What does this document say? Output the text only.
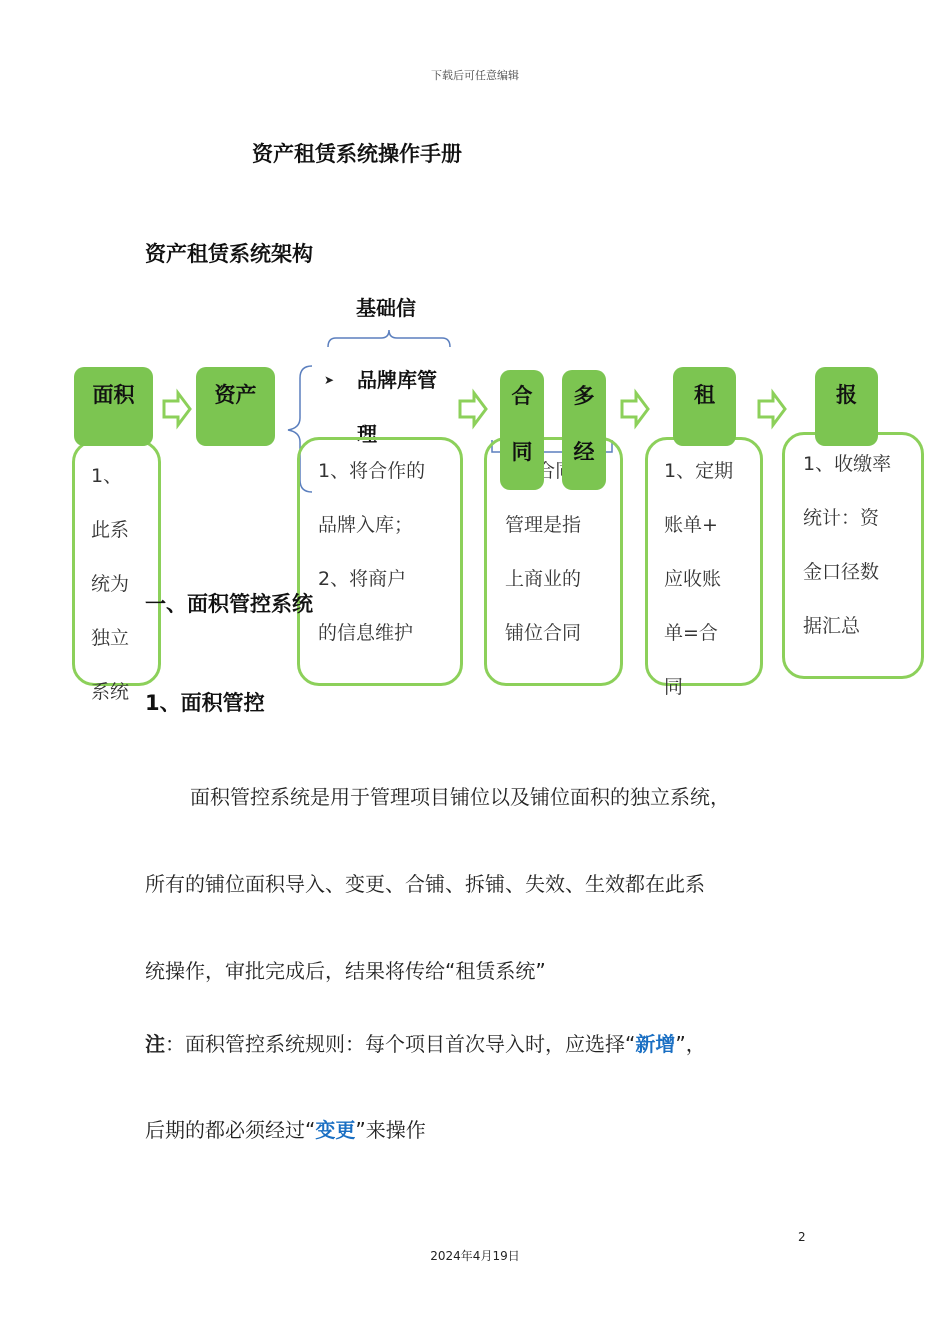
下载后可任意编辑
资产租赁系统操作手册
资产租赁系统架构
基础信
1、
此系
统为
独立
系统
面积	资产
➤ 品牌库管
理
1、将合作的
品牌入库；
2、将商户
的信息维护

管理是指
上商业的
铺位合同
合
同
多
经
1、定期
账单+
应收账
单=合
同
租
1、收缴率
统计：资
金口径数
据汇总
报
一、面积管控系统
1、面积管控
面积管控系统是用于管理项目铺位以及铺位面积的独立系统，
所有的铺位面积导入、变更、合铺、拆铺、失效、生效都在此系
统操作，审批完成后，结果将传给“租赁系统”
注：面积管控系统规则：每个项目首次导入时，应选择“新增”，
后期的都必须经过“变更”来操作
2
2024年4月19日
